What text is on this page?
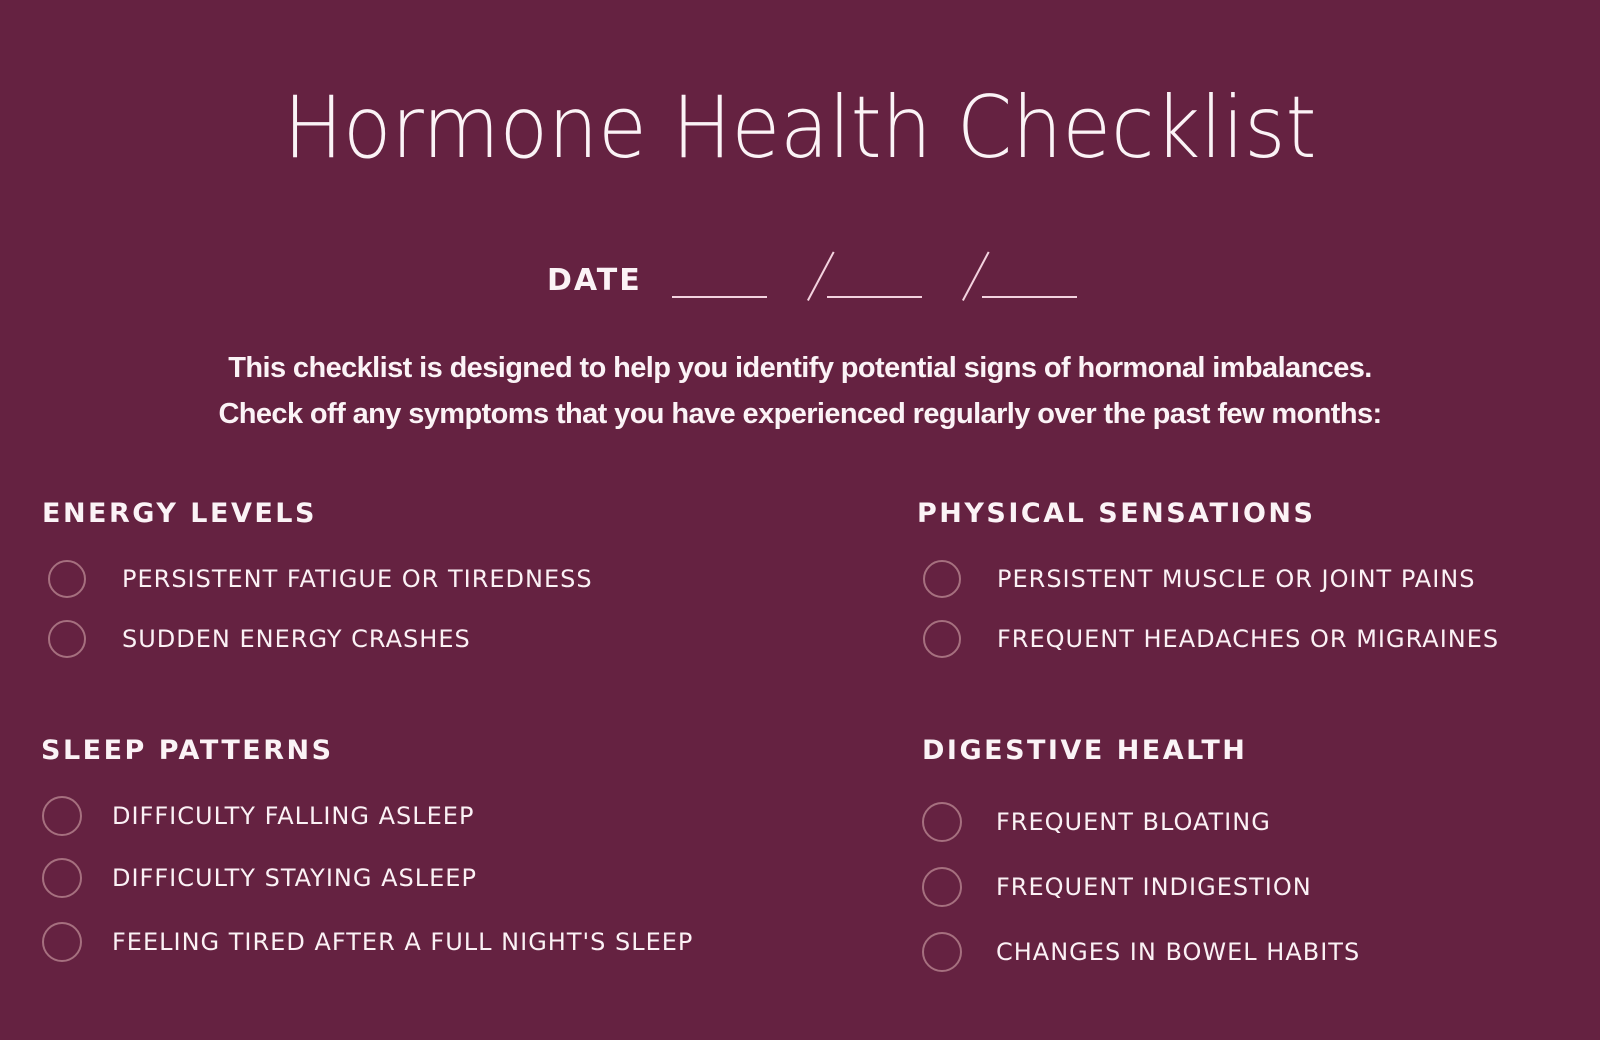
Hormone Health Checklist
DATE
This checklist is designed to help you identify potential signs of hormonal imbalances.
Check off any symptoms that you have experienced regularly over the past few months:
ENERGY LEVELS
PERSISTENT FATIGUE OR TIREDNESS
SUDDEN ENERGY CRASHES
PHYSICAL SENSATIONS
PERSISTENT MUSCLE OR JOINT PAINS
FREQUENT HEADACHES OR MIGRAINES
SLEEP PATTERNS
DIFFICULTY FALLING ASLEEP
DIFFICULTY STAYING ASLEEP
FEELING TIRED AFTER A FULL NIGHT'S SLEEP
DIGESTIVE HEALTH
FREQUENT BLOATING
FREQUENT INDIGESTION
CHANGES IN BOWEL HABITS
